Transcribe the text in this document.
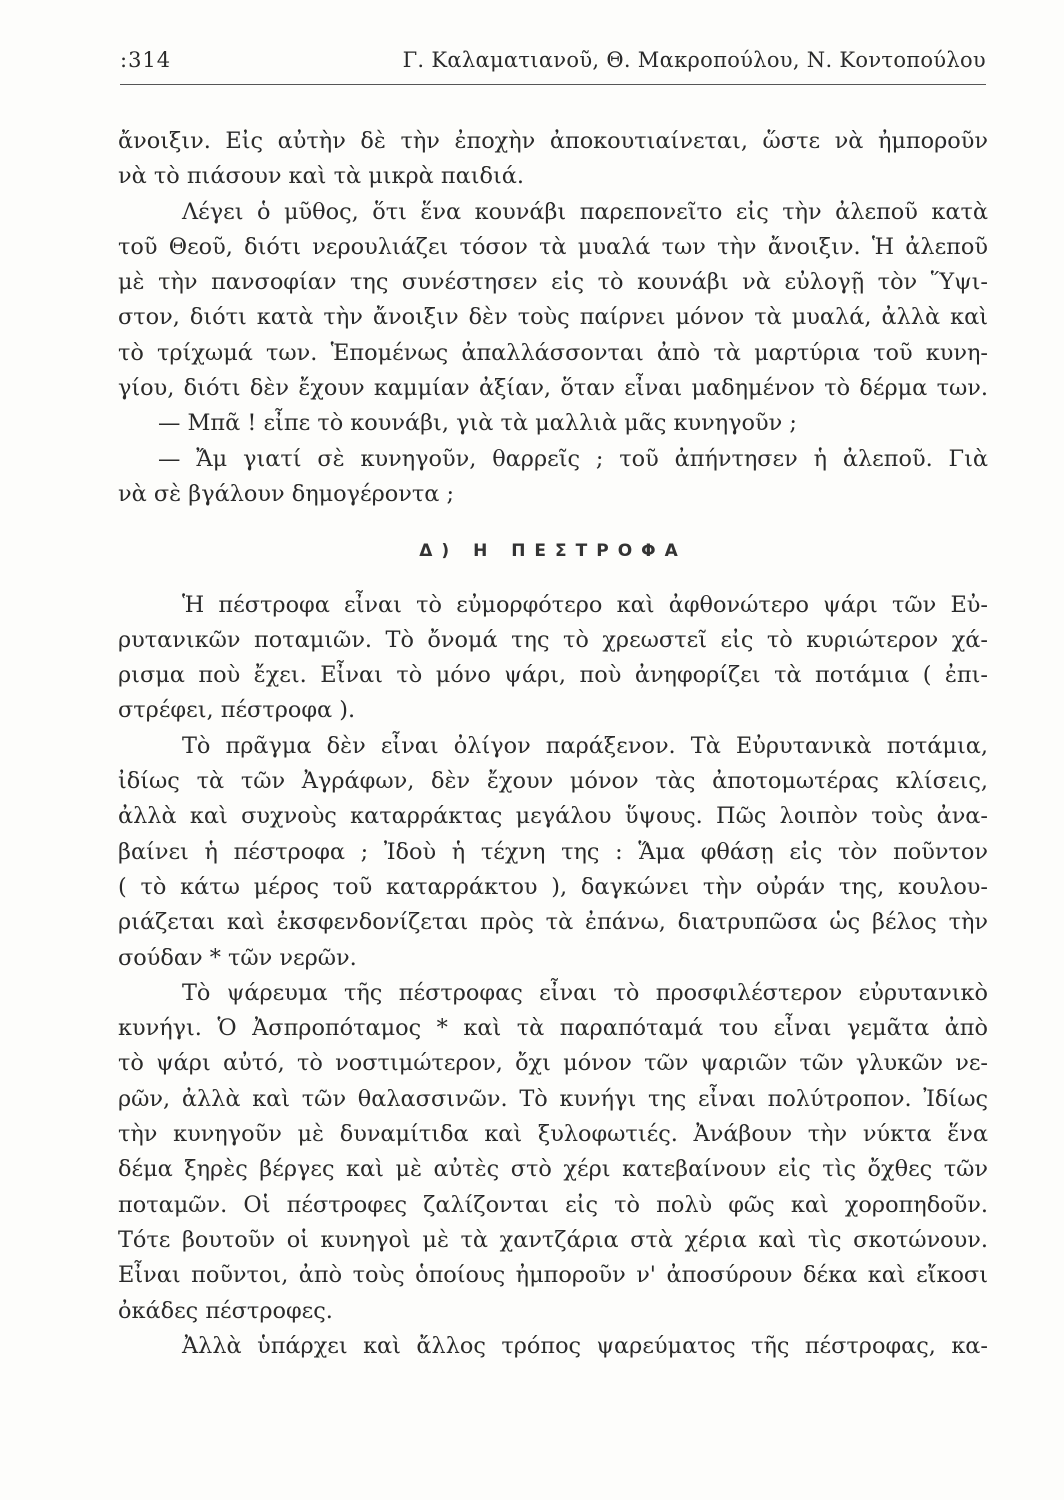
:314	Γ. Καλαματιανοῦ, Θ. Μακροπούλου, Ν. Κοντοπούλου
ἄνοιξιν. Εἰς αὐτὴν δὲ τὴν ἐποχὴν ἀποκουτιαίνεται, ὥστε νὰ ἠμποροῦν
νὰ τὸ πιάσουν καὶ τὰ μικρὰ παιδιά.
Λέγει ὁ μῦθος, ὅτι ἕνα κουνάβι παρεπονεῖτο εἰς τὴν ἀλεποῦ κατὰ
τοῦ Θεοῦ, διότι νερουλιάζει τόσον τὰ μυαλά των τὴν ἄνοιξιν. Ἡ ἀλεποῦ
μὲ τὴν πανσοφίαν της συνέστησεν εἰς τὸ κουνάβι νὰ εὐλογῇ τὸν Ὕψι-
στον, διότι κατὰ τὴν ἄνοιξιν δὲν τοὺς παίρνει μόνον τὰ μυαλά, ἀλλὰ καὶ
τὸ τρίχωμά των. Ἑπομένως ἀπαλλάσσονται ἀπὸ τὰ μαρτύρια τοῦ κυνη-
γίου, διότι δὲν ἔχουν καμμίαν ἀξίαν, ὅταν εἶναι μαδημένον τὸ δέρμα των.
— Μπᾶ ! εἶπε τὸ κουνάβι, γιὰ τὰ μαλλιὰ μᾶς κυνηγοῦν ;
— Ἄμ γιατί σὲ κυνηγοῦν, θαρρεῖς ; τοῦ ἀπήντησεν ἡ ἀλεποῦ. Γιὰ
νὰ σὲ βγάλουν δημογέροντα ;
Δ) Η ΠΕΣΤΡΟΦΑ
Ἡ πέστροφα εἶναι τὸ εὐμορφότερο καὶ ἀφθονώτερο ψάρι τῶν Εὐ-
ρυτανικῶν ποταμιῶν. Τὸ ὄνομά της τὸ χρεωστεῖ εἰς τὸ κυριώτερον χά-
ρισμα ποὺ ἔχει. Εἶναι τὸ μόνο ψάρι, ποὺ ἀνηφορίζει τὰ ποτάμια ( ἐπι-
στρέφει, πέστροφα ).
Τὸ πρᾶγμα δὲν εἶναι ὀλίγον παράξενον. Τὰ Εὐρυτανικὰ ποτάμια,
ἰδίως τὰ τῶν Ἀγράφων, δὲν ἔχουν μόνον τὰς ἀποτομωτέρας κλίσεις,
ἀλλὰ καὶ συχνοὺς καταρράκτας μεγάλου ὕψους. Πῶς λοιπὸν τοὺς ἀνα-
βαίνει ἡ πέστροφα ; Ἰδοὺ ἡ τέχνη της : Ἅμα φθάσῃ εἰς τὸν ποῦντον
( τὸ κάτω μέρος τοῦ καταρράκτου ), δαγκώνει τὴν οὐράν της, κουλου-
ριάζεται καὶ ἐκσφενδονίζεται πρὸς τὰ ἐπάνω, διατρυπῶσα ὡς βέλος τὴν
σούδαν * τῶν νερῶν.
Τὸ ψάρευμα τῆς πέστροφας εἶναι τὸ προσφιλέστερον εὐρυτανικὸ
κυνήγι. Ὁ Ἀσπροπόταμος * καὶ τὰ παραπόταμά του εἶναι γεμᾶτα ἀπὸ
τὸ ψάρι αὐτό, τὸ νοστιμώτερον, ὄχι μόνον τῶν ψαριῶν τῶν γλυκῶν νε-
ρῶν, ἀλλὰ καὶ τῶν θαλασσινῶν. Τὸ κυνήγι της εἶναι πολύτροπον. Ἰδίως
τὴν κυνηγοῦν μὲ δυναμίτιδα καὶ ξυλοφωτιές. Ἀνάβουν τὴν νύκτα ἕνα
δέμα ξηρὲς βέργες καὶ μὲ αὐτὲς στὸ χέρι κατεβαίνουν εἰς τὶς ὄχθες τῶν
ποταμῶν. Οἱ πέστροφες ζαλίζονται εἰς τὸ πολὺ φῶς καὶ χοροπηδοῦν.
Τότε βουτοῦν οἱ κυνηγοὶ μὲ τὰ χαντζάρια στὰ χέρια καὶ τὶς σκοτώνουν.
Εἶναι ποῦντοι, ἀπὸ τοὺς ὁποίους ἠμποροῦν ν' ἀποσύρουν δέκα καὶ εἴκοσι
ὀκάδες πέστροφες.
Ἀλλὰ ὑπάρχει καὶ ἄλλος τρόπος ψαρεύματος τῆς πέστροφας, κα-
